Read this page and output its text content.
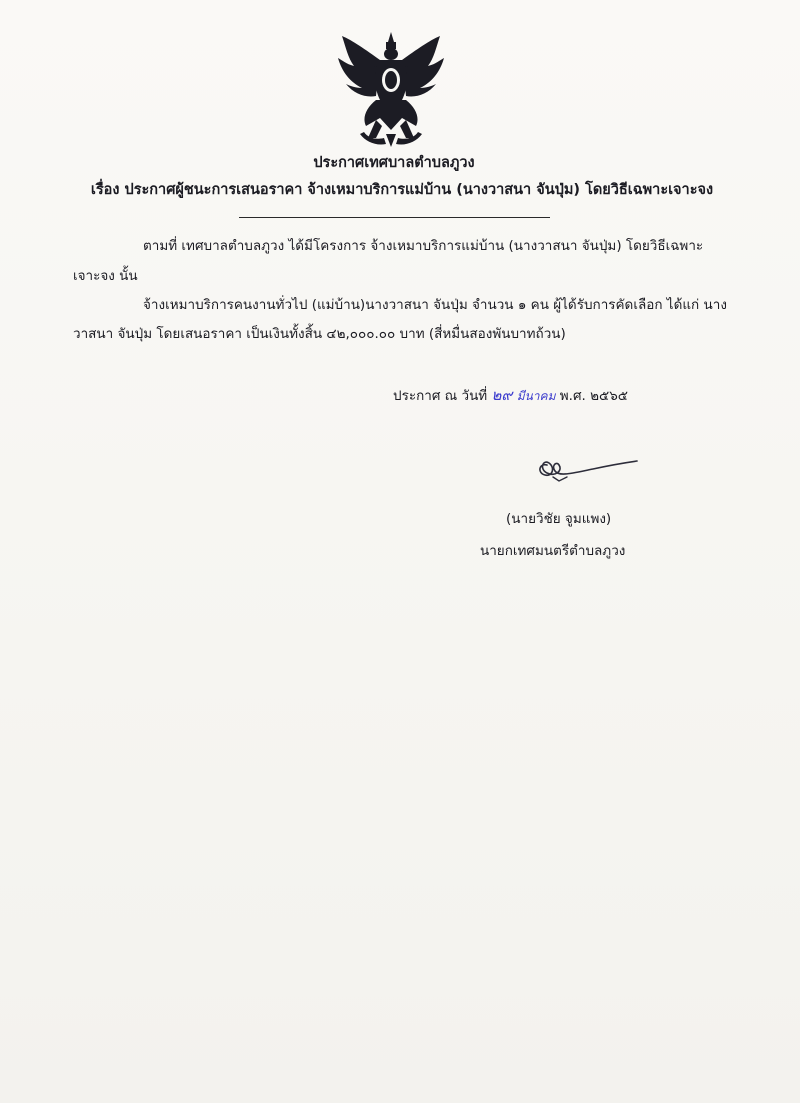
ประกาศเทศบาลตำบลภูวง
เรื่อง ประกาศผู้ชนะการเสนอราคา จ้างเหมาบริการแม่บ้าน (นางวาสนา จันปุ่ม) โดยวิธีเฉพาะเจาะจง
ตามที่ เทศบาลตำบลภูวง ได้มีโครงการ จ้างเหมาบริการแม่บ้าน (นางวาสนา จันปุ่ม) โดยวิธีเฉพาะ
เจาะจง นั้น
จ้างเหมาบริการคนงานทั่วไป (แม่บ้าน)นางวาสนา จันปุ่ม จำนวน ๑ คน ผู้ได้รับการคัดเลือก ได้แก่ นาง
วาสนา จันปุ่ม โดยเสนอราคา เป็นเงินทั้งสิ้น ๔๒,๐๐๐.๐๐ บาท (สี่หมื่นสองพันบาทถ้วน)
ประกาศ ณ วันที่ ๒๙ มีนาคม พ.ศ. ๒๕๖๕
(นายวิชัย จูมแพง)
นายกเทศมนตรีตำบลภูวง
